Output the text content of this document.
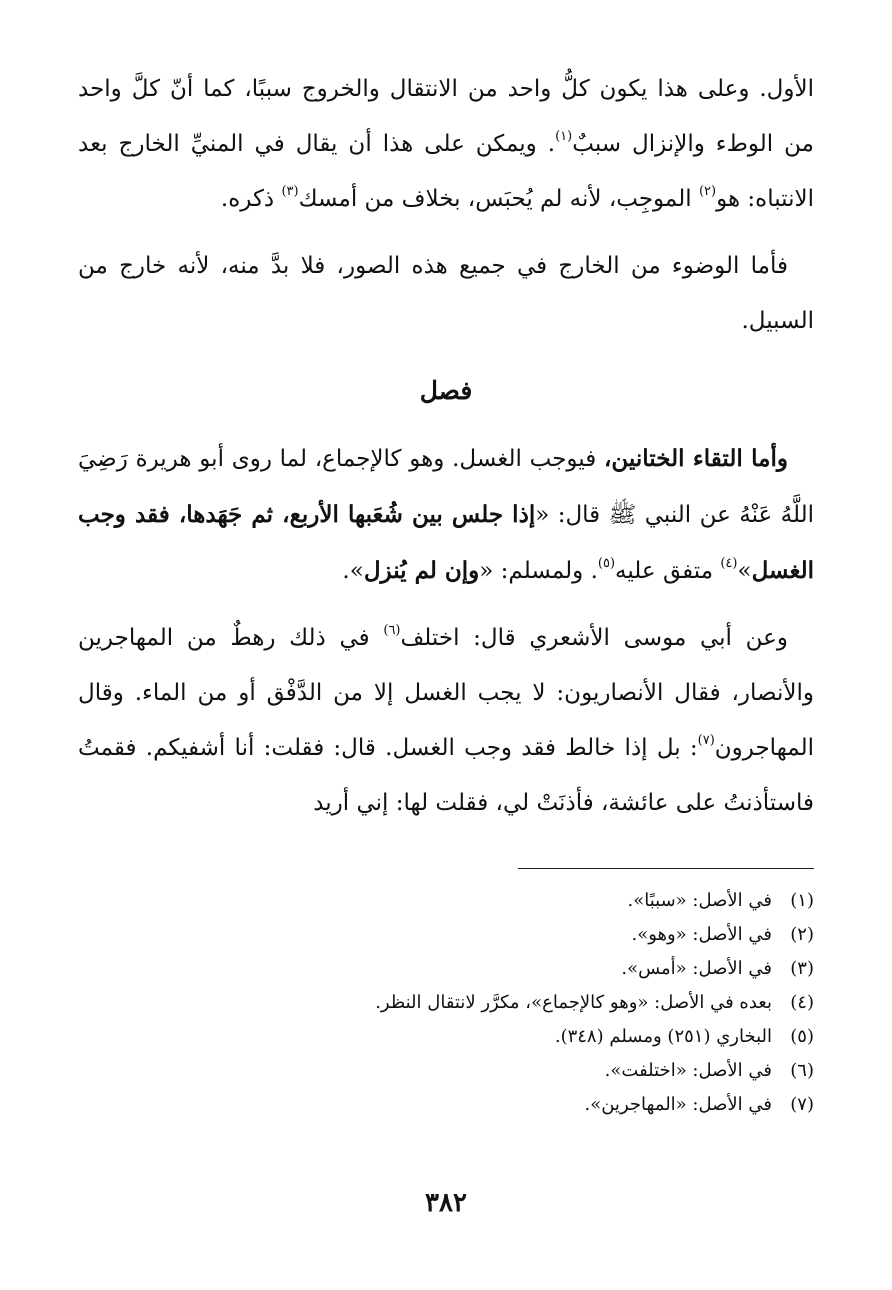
الأول. وعلى هذا يكون كلُّ واحد من الانتقال والخروج سببًا، كما أنّ كلَّ واحد من الوطء والإنزال سببٌ$^{(١)}$. ويمكن على هذا أن يقال في المنيِّ الخارج بعد الانتباه: هو$^{(٢)}$ الموجِب، لأنه لم يُحبَس، بخلاف من أمسك$^{(٣)}$ ذكره.

فأما الوضوء من الخارج في جميع هذه الصور، فلا بدَّ منه، لأنه خارج من السبيل.

فصل

وأما التقاء الختانين، فيوجب الغسل. وهو كالإجماع، لما روى أبو هريرة رَضِيَ اللَّهُ عَنْهُ عن النبي ﷺ قال: «إذا جلس بين شُعَبها الأربع، ثم جَهَدها، فقد وجب الغسل»$^{(٤)}$ متفق عليه$^{(٥)}$. ولمسلم: «وإن لم يُنزل».

وعن أبي موسى الأشعري قال: اختلف$^{(٦)}$ في ذلك رهطٌ من المهاجرين والأنصار، فقال الأنصاريون: لا يجب الغسل إلا من الدَّفْق أو من الماء. وقال المهاجرون$^{(٧)}$: بل إذا خالط فقد وجب الغسل. قال: فقلت: أنا أشفيكم. فقمتُ فاستأذنتُ على عائشة، فأذنَتْ لي، فقلت لها: إني أريد

(١)
في الأصل: «سببًا».
(٢)
في الأصل: «وهو».
(٣)
في الأصل: «أمس».
(٤)
بعده في الأصل: «وهو كالإجماع»، مكرَّر لانتقال النظر.
(٥)
البخاري (٢٥١) ومسلم (٣٤٨).
(٦)
في الأصل: «اختلفت».
(٧)
في الأصل: «المهاجرين».
٣٨٢
